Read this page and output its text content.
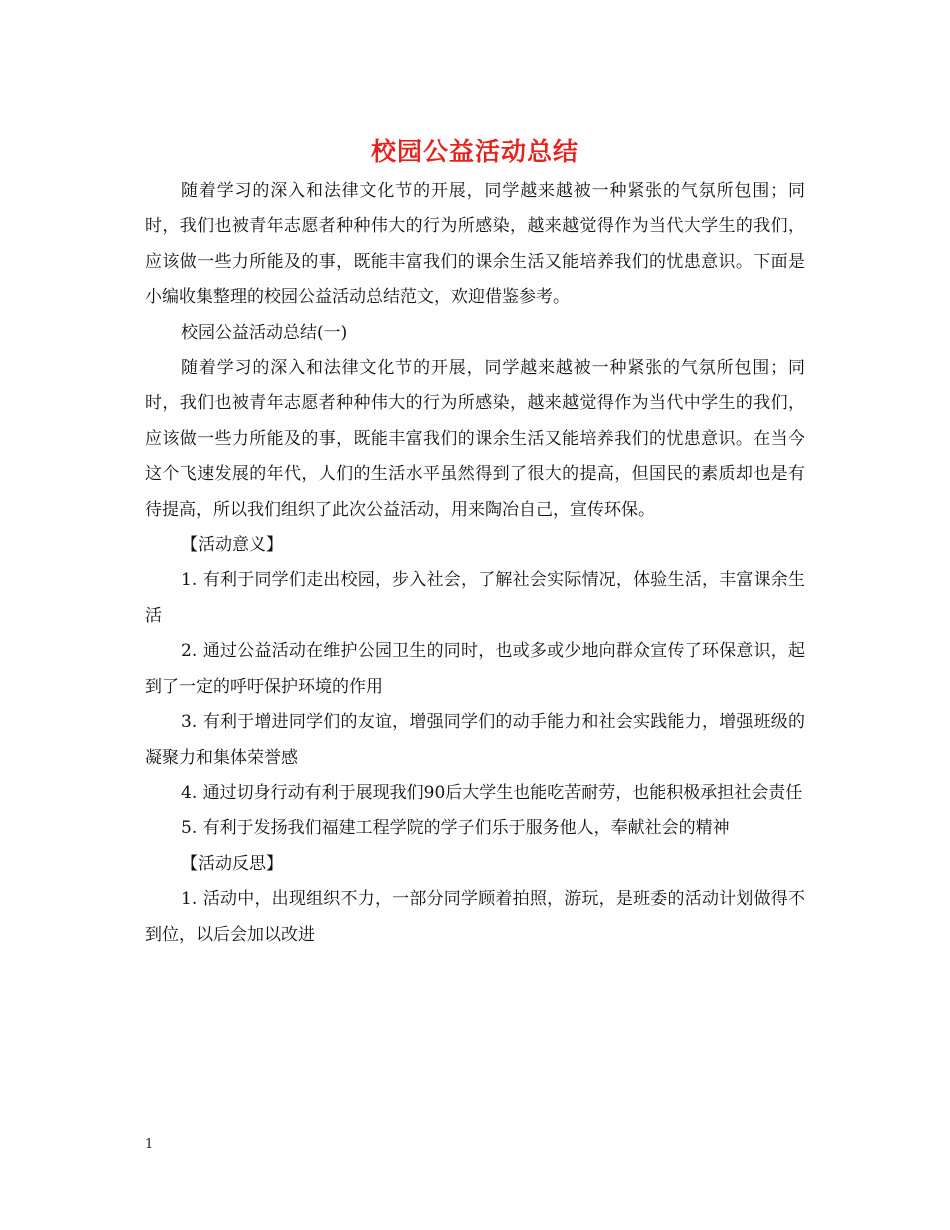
校园公益活动总结

随着学习的深入和法律文化节的开展，同学越来越被一种紧张的气氛所包围；同时，我们也被青年志愿者种种伟大的行为所感染，越来越觉得作为当代大学生的我们，应该做一些力所能及的事，既能丰富我们的课余生活又能培养我们的忧患意识。下面是小编收集整理的校园公益活动总结范文，欢迎借鉴参考。

校园公益活动总结(一)

随着学习的深入和法律文化节的开展，同学越来越被一种紧张的气氛所包围；同时，我们也被青年志愿者种种伟大的行为所感染，越来越觉得作为当代中学生的我们，应该做一些力所能及的事，既能丰富我们的课余生活又能培养我们的忧患意识。在当今这个飞速发展的年代，人们的生活水平虽然得到了很大的提高，但国民的素质却也是有待提高，所以我们组织了此次公益活动，用来陶冶自己，宣传环保。

【活动意义】

1. 有利于同学们走出校园，步入社会，了解社会实际情况，体验生活，丰富课余生活

2. 通过公益活动在维护公园卫生的同时，也或多或少地向群众宣传了环保意识，起到了一定的呼吁保护环境的作用

3. 有利于增进同学们的友谊，增强同学们的动手能力和社会实践能力，增强班级的凝聚力和集体荣誉感

4. 通过切身行动有利于展现我们90后大学生也能吃苦耐劳，也能积极承担社会责任

5. 有利于发扬我们福建工程学院的学子们乐于服务他人，奉献社会的精神

【活动反思】

1. 活动中，出现组织不力，一部分同学顾着拍照，游玩，是班委的活动计划做得不到位，以后会加以改进

1
